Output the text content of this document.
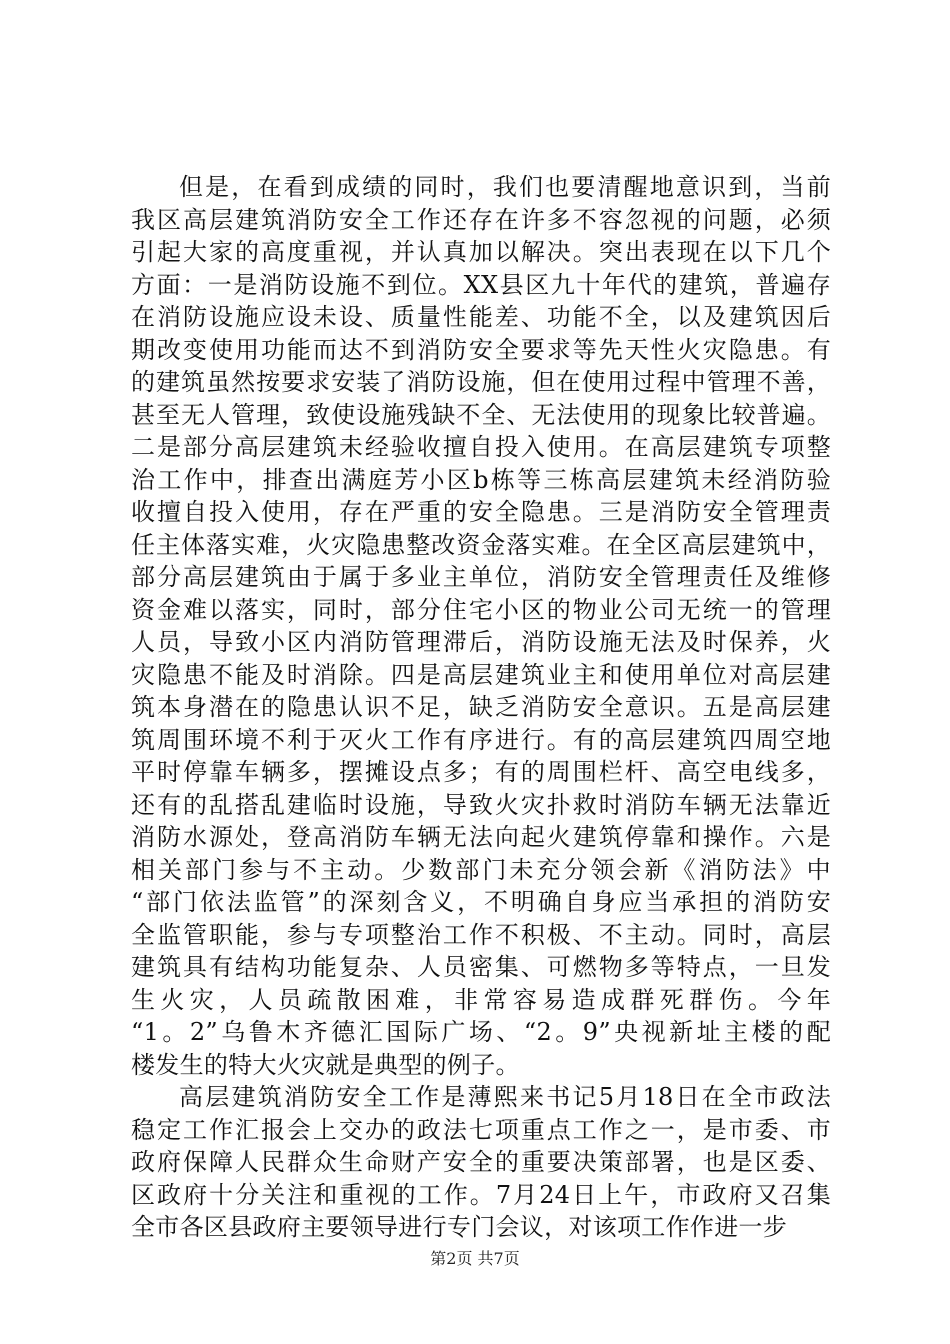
但是，在看到成绩的同时，我们也要清醒地意识到，当前
我区高层建筑消防安全工作还存在许多不容忽视的问题，必须
引起大家的高度重视，并认真加以解决。突出表现在以下几个
方面：一是消防设施不到位。XX县区九十年代的建筑，普遍存
在消防设施应设未设、质量性能差、功能不全，以及建筑因后
期改变使用功能而达不到消防安全要求等先天性火灾隐患。有
的建筑虽然按要求安装了消防设施，但在使用过程中管理不善，
甚至无人管理，致使设施残缺不全、无法使用的现象比较普遍。
二是部分高层建筑未经验收擅自投入使用。在高层建筑专项整
治工作中，排查出满庭芳小区b栋等三栋高层建筑未经消防验
收擅自投入使用，存在严重的安全隐患。三是消防安全管理责
任主体落实难，火灾隐患整改资金落实难。在全区高层建筑中，
部分高层建筑由于属于多业主单位，消防安全管理责任及维修
资金难以落实，同时，部分住宅小区的物业公司无统一的管理
人员，导致小区内消防管理滞后，消防设施无法及时保养，火
灾隐患不能及时消除。四是高层建筑业主和使用单位对高层建
筑本身潜在的隐患认识不足，缺乏消防安全意识。五是高层建
筑周围环境不利于灭火工作有序进行。有的高层建筑四周空地
平时停靠车辆多，摆摊设点多；有的周围栏杆、高空电线多，
还有的乱搭乱建临时设施，导致火灾扑救时消防车辆无法靠近
消防水源处，登高消防车辆无法向起火建筑停靠和操作。六是
相关部门参与不主动。少数部门未充分领会新《消防法》中
“部门依法监管”的深刻含义，不明确自身应当承担的消防安
全监管职能，参与专项整治工作不积极、不主动。同时，高层
建筑具有结构功能复杂、人员密集、可燃物多等特点，一旦发
生火灾，人员疏散困难，非常容易造成群死群伤。今年
“1。2”乌鲁木齐德汇国际广场、“2。9”央视新址主楼的配
楼发生的特大火灾就是典型的例子。
高层建筑消防安全工作是薄熙来书记5月18日在全市政法
稳定工作汇报会上交办的政法七项重点工作之一，是市委、市
政府保障人民群众生命财产安全的重要决策部署，也是区委、
区政府十分关注和重视的工作。7月24日上午，市政府又召集
全市各区县政府主要领导进行专门会议，对该项工作作进一步
第2页 共7页
